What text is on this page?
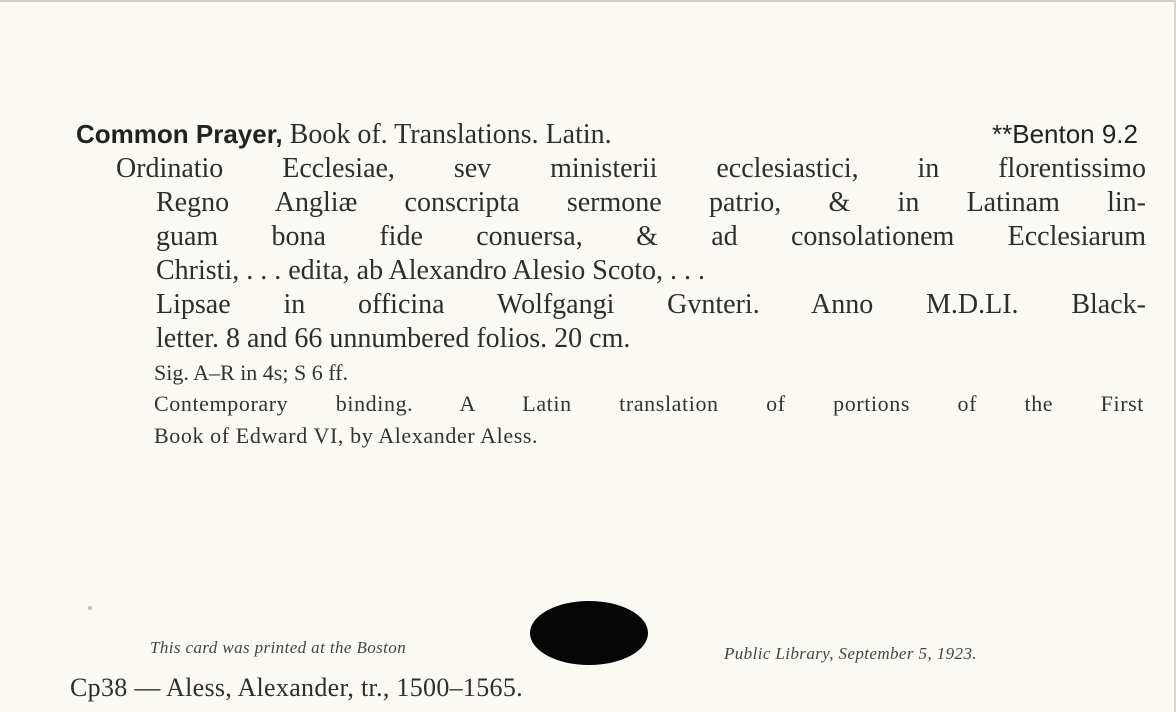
Common Prayer, Book of. Translations. Latin.	**Benton 9.2
Ordinatio Ecclesiae, sev ministerii ecclesiastici, in florentissimo
Regno Angliæ conscripta sermone patrio, & in Latinam lin-
guam bona fide conuersa, & ad consolationem Ecclesiarum
Christi, . . . edita, ab Alexandro Alesio Scoto, . . .
Lipsae in officina Wolfgangi Gvnteri. Anno M.D.LI. Black-
letter. 8 and 66 unnumbered folios. 20 cm.
Sig. A–R in 4s; S 6 ff.
Contemporary binding. A Latin translation of portions of the First
Book of Edward VI, by Alexander Aless.
This card was printed at the Boston	Public Library, September 5, 1923.
Cp38 — Aless, Alexander, tr., 1500–1565.
